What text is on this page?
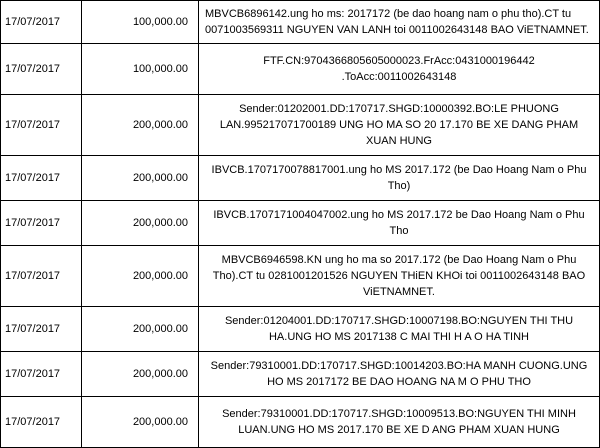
17/07/2017	100,000.00	MBVCB6896142.ung ho ms: 2017172 (be dao hoang nam o phu tho).CT tu 0071003569311 NGUYEN VAN LANH toi 0011002643148 BAO ViETNAMNET.
17/07/2017	100,000.00	FTF.CN:9704366805605000023.FrAcc:0431000196442 .ToAcc:0011002643148
17/07/2017	200,000.00	Sender:01202001.DD:170717.SHGD:10000392.BO:LE PHUONG LAN.995217071700189 UNG HO MA SO 20 17.170 BE XE DANG PHAM XUAN HUNG
17/07/2017	200,000.00	IBVCB.1707170078817001.ung ho MS 2017.172 (be Dao Hoang Nam o Phu Tho)
17/07/2017	200,000.00	IBVCB.1707171004047002.ung ho MS 2017.172 be Dao Hoang Nam o Phu Tho
17/07/2017	200,000.00	MBVCB6946598.KN ung ho ma so 2017.172 (be Dao Hoang Nam o Phu Tho).CT tu 0281001201526 NGUYEN THiEN KHOi toi 0011002643148 BAO ViETNAMNET.
17/07/2017	200,000.00	Sender:01204001.DD:170717.SHGD:10007198.BO:NGUYEN THI THU HA.UNG HO MS 2017138 C MAI THI H A O HA TINH
17/07/2017	200,000.00	Sender:79310001.DD:170717.SHGD:10014203.BO:HA MANH CUONG.UNG HO MS 2017172 BE DAO HOANG NA M O PHU THO
17/07/2017	200,000.00	Sender:79310001.DD:170717.SHGD:10009513.BO:NGUYEN THI MINH LUAN.UNG HO MS 2017.170 BE XE D ANG PHAM XUAN HUNG
